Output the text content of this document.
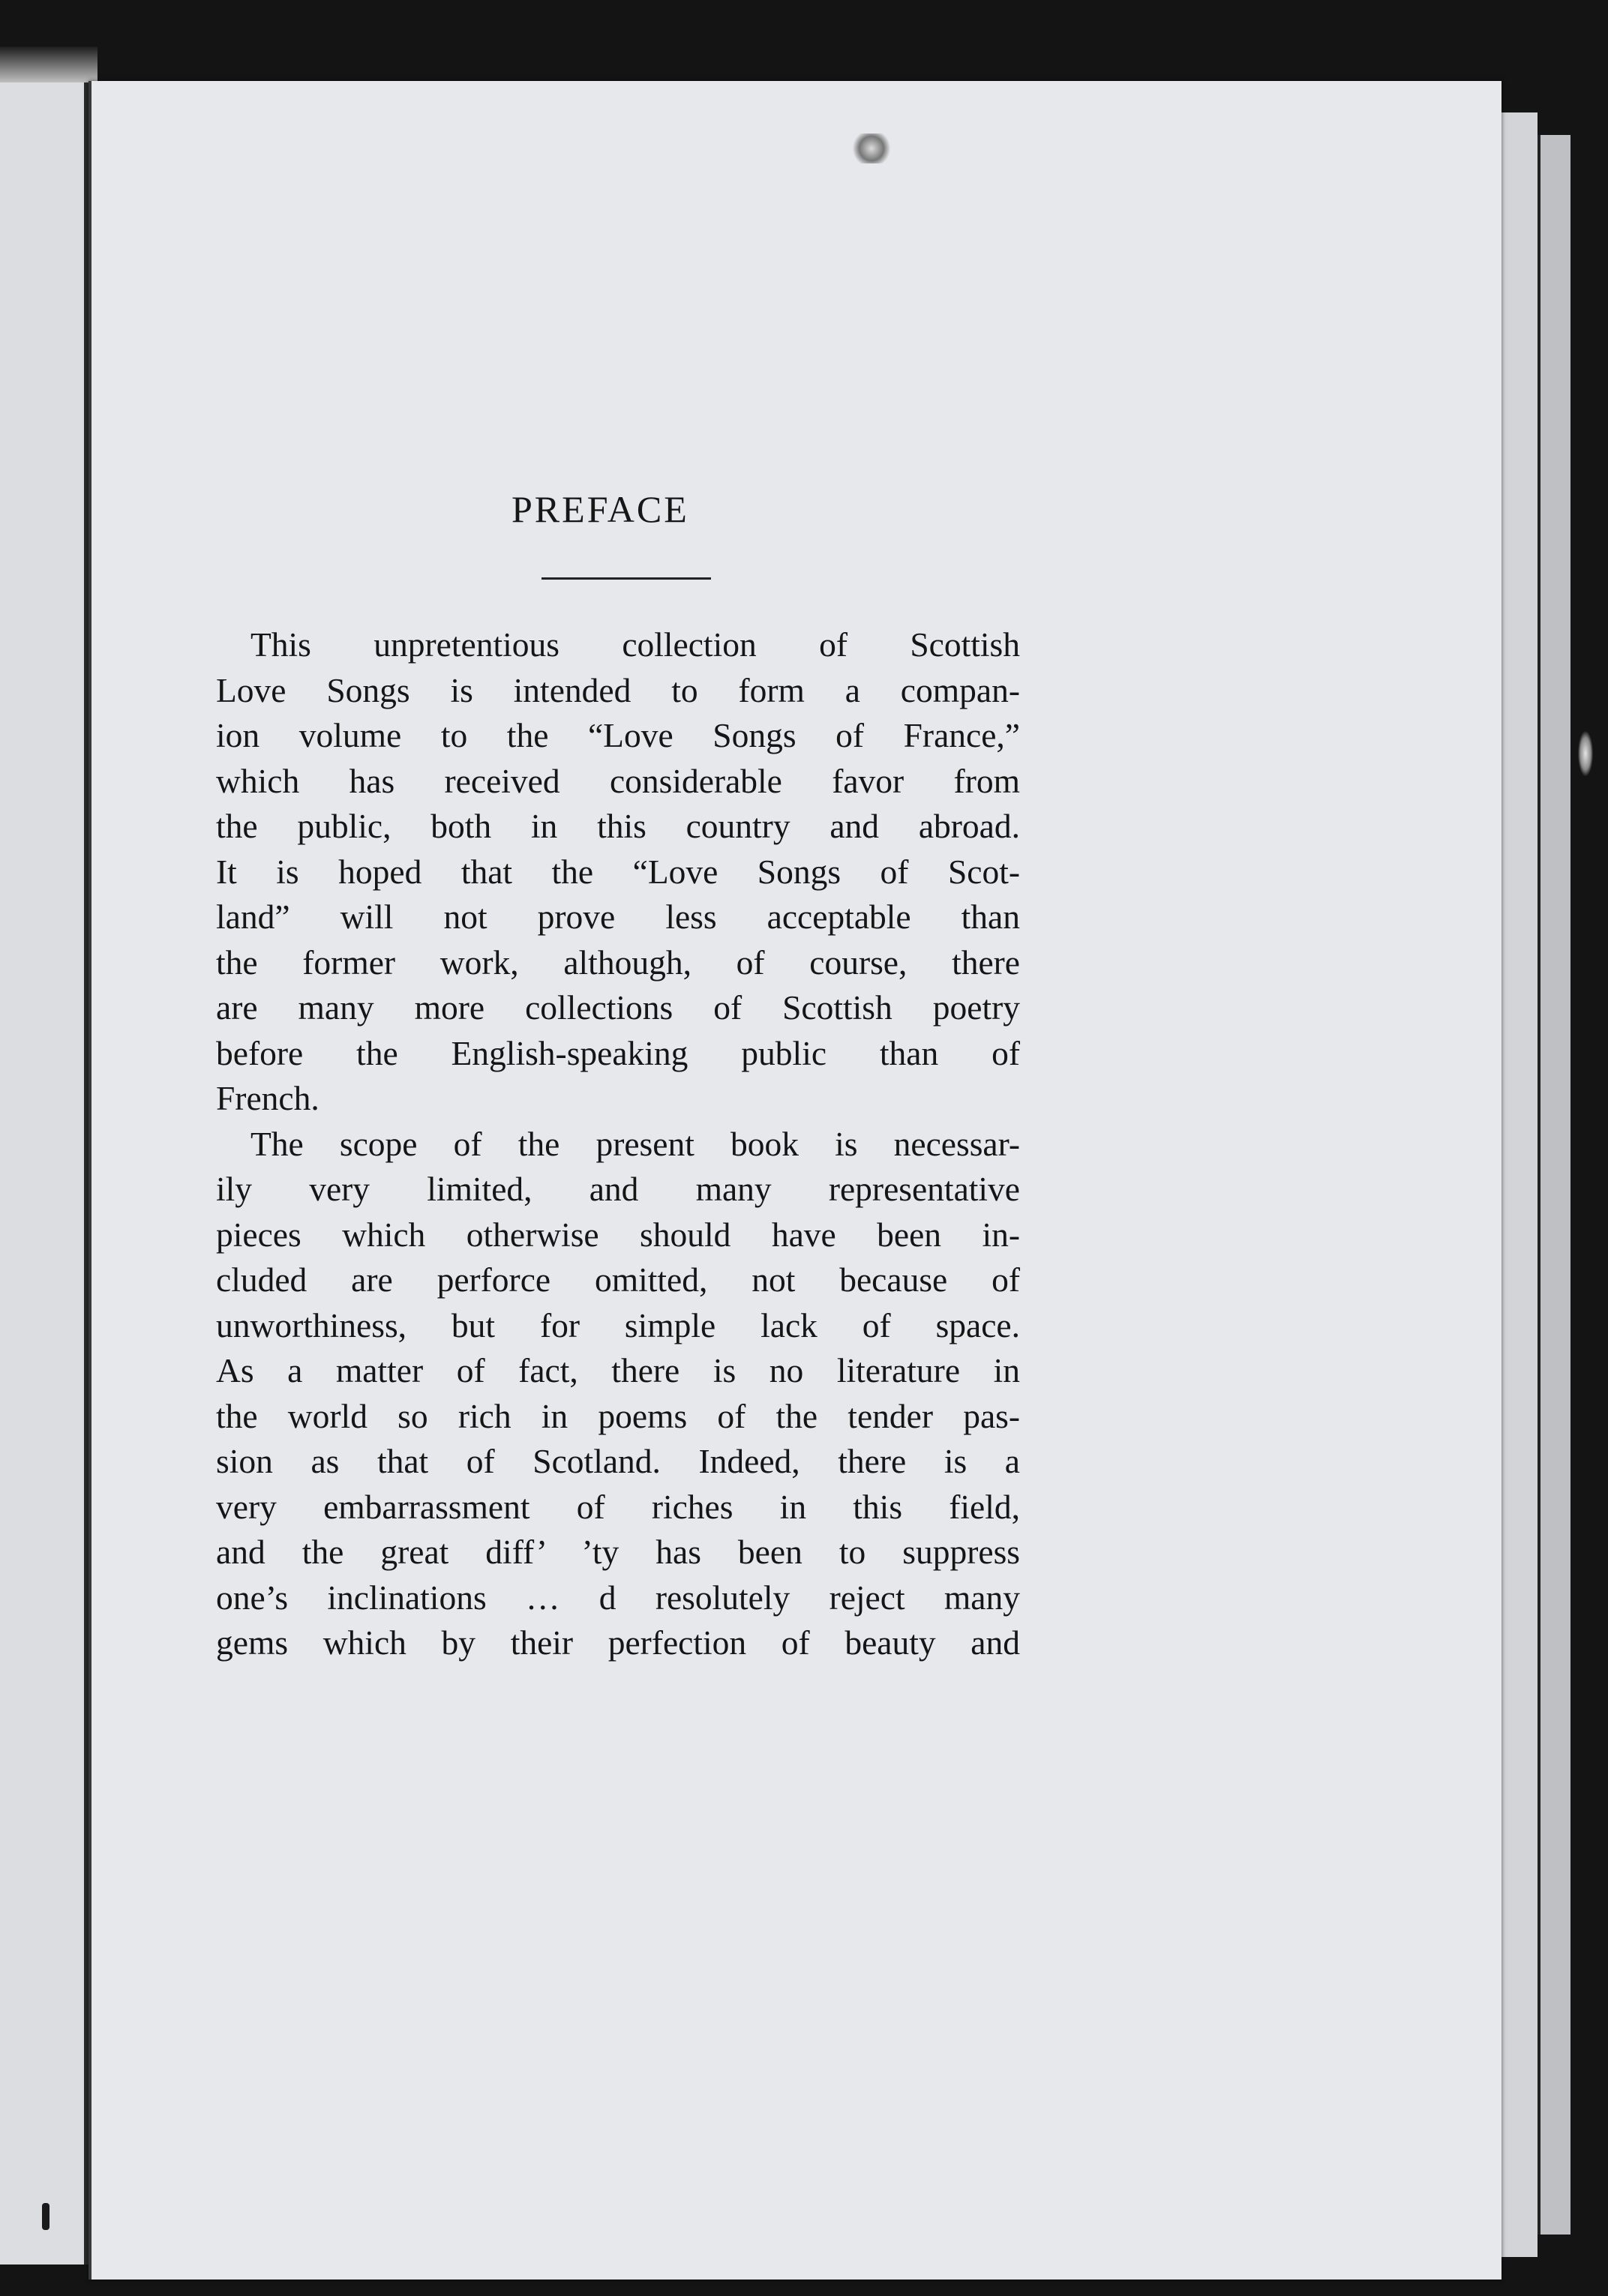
PREFACE
This unpretentious collection of Scottish
Love Songs is intended to form a compan-
ion volume to the “Love Songs of France,”
which has received considerable favor from
the public, both in this country and abroad.
It is hoped that the “Love Songs of Scot-
land” will not prove less acceptable than
the former work, although, of course, there
are many more collections of Scottish poetry
before the English-speaking public than of
French.
The scope of the present book is necessar-
ily very limited, and many representative
pieces which otherwise should have been in-
cluded are perforce omitted, not because of
unworthiness, but for simple lack of space.
As a matter of fact, there is no literature in
the world so rich in poems of the tender pas-
sion as that of Scotland. Indeed, there is a
very embarrassment of riches in this field,
and the great diff’ ’ty has been to suppress
one’s inclinations … d resolutely reject many
gems which by their perfection of beauty and
